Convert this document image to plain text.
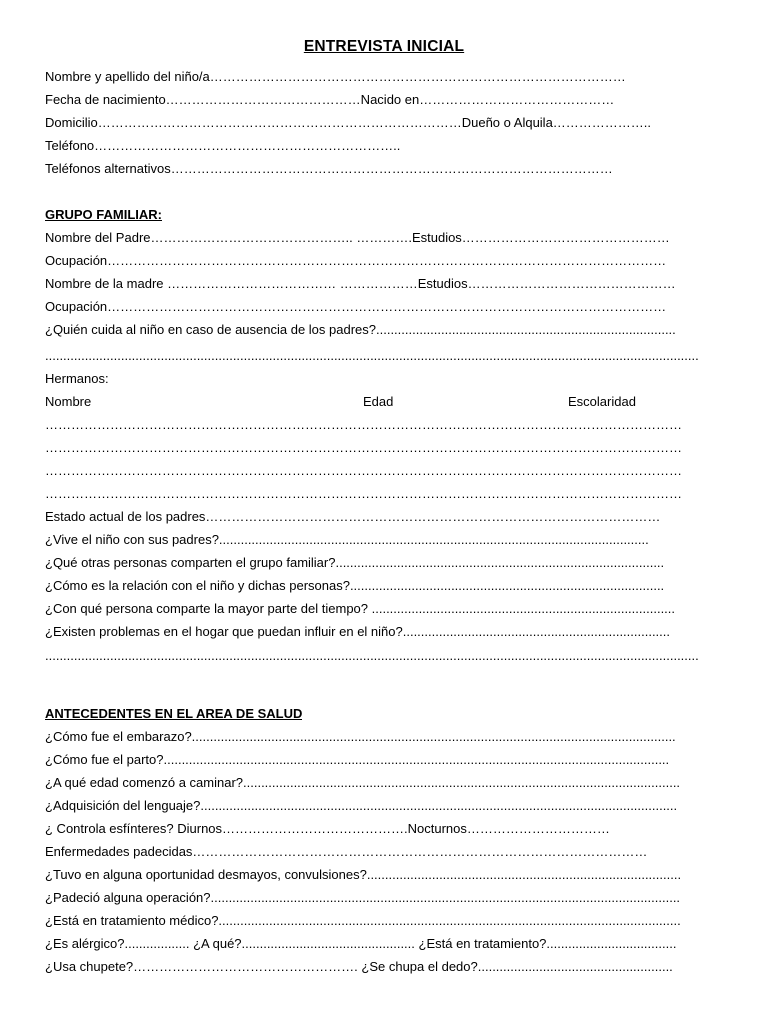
ENTREVISTA INICIAL
Nombre y apellido del niño/a……………………………………………………………………………………
Fecha de nacimiento………………………………………Nacido en………………………………………
Domicilio…………………………………………………………………………Dueño o Alquila…………………..
Teléfono……………………………………………………………..
Teléfonos alternativos…………………………………………………………………………………………
GRUPO FAMILIAR:
Nombre del Padre……………………………………….. ………….Estudios…………………………………………
Ocupación…………………………………………………………………………………………………………………
Nombre de la madre ………………………………… ………………Estudios…………………………………………
Ocupación…………………………………………………………………………………………………………………
¿Quién cuida al niño en caso de ausencia de los padres?...................................................................................
.....................................................................................................................................................................................
Hermanos:
Nombre	Edad	Escolaridad
…………………………………………………………………………………………………………………………………
…………………………………………………………………………………………………………………………………
…………………………………………………………………………………………………………………………………
…………………………………………………………………………………………………………………………………
Estado actual de los padres……………………………………………………………………………………………
¿Vive el niño con sus padres?.......................................................................................................................
¿Qué otras personas comparten el grupo familiar?...........................................................................................
¿Cómo es la relación con el niño y dichas personas?.......................................................................................
¿Con qué persona comparte la mayor parte del tiempo? ....................................................................................
¿Existen problemas en el hogar que puedan influir en el niño?..........................................................................
.....................................................................................................................................................................................
ANTECEDENTES EN EL AREA DE SALUD
¿Cómo fue el embarazo?......................................................................................................................................
¿Cómo fue el parto?............................................................................................................................................
¿A qué edad comenzó a caminar?.........................................................................................................................
¿Adquisición del lenguaje?....................................................................................................................................
¿ Controla esfínteres? Diurnos…………………………………….Nocturnos……………………………
Enfermedades padecidas……………………………………………………………………………………………
¿Tuvo en alguna oportunidad desmayos, convulsiones?.......................................................................................
¿Padeció alguna operación?..................................................................................................................................
¿Está en tratamiento médico?................................................................................................................................
¿Es alérgico?.................. ¿A qué?................................................ ¿Está en tratamiento?....................................
¿Usa chupete?……………………………………………. ¿Se chupa el dedo?......................................................
